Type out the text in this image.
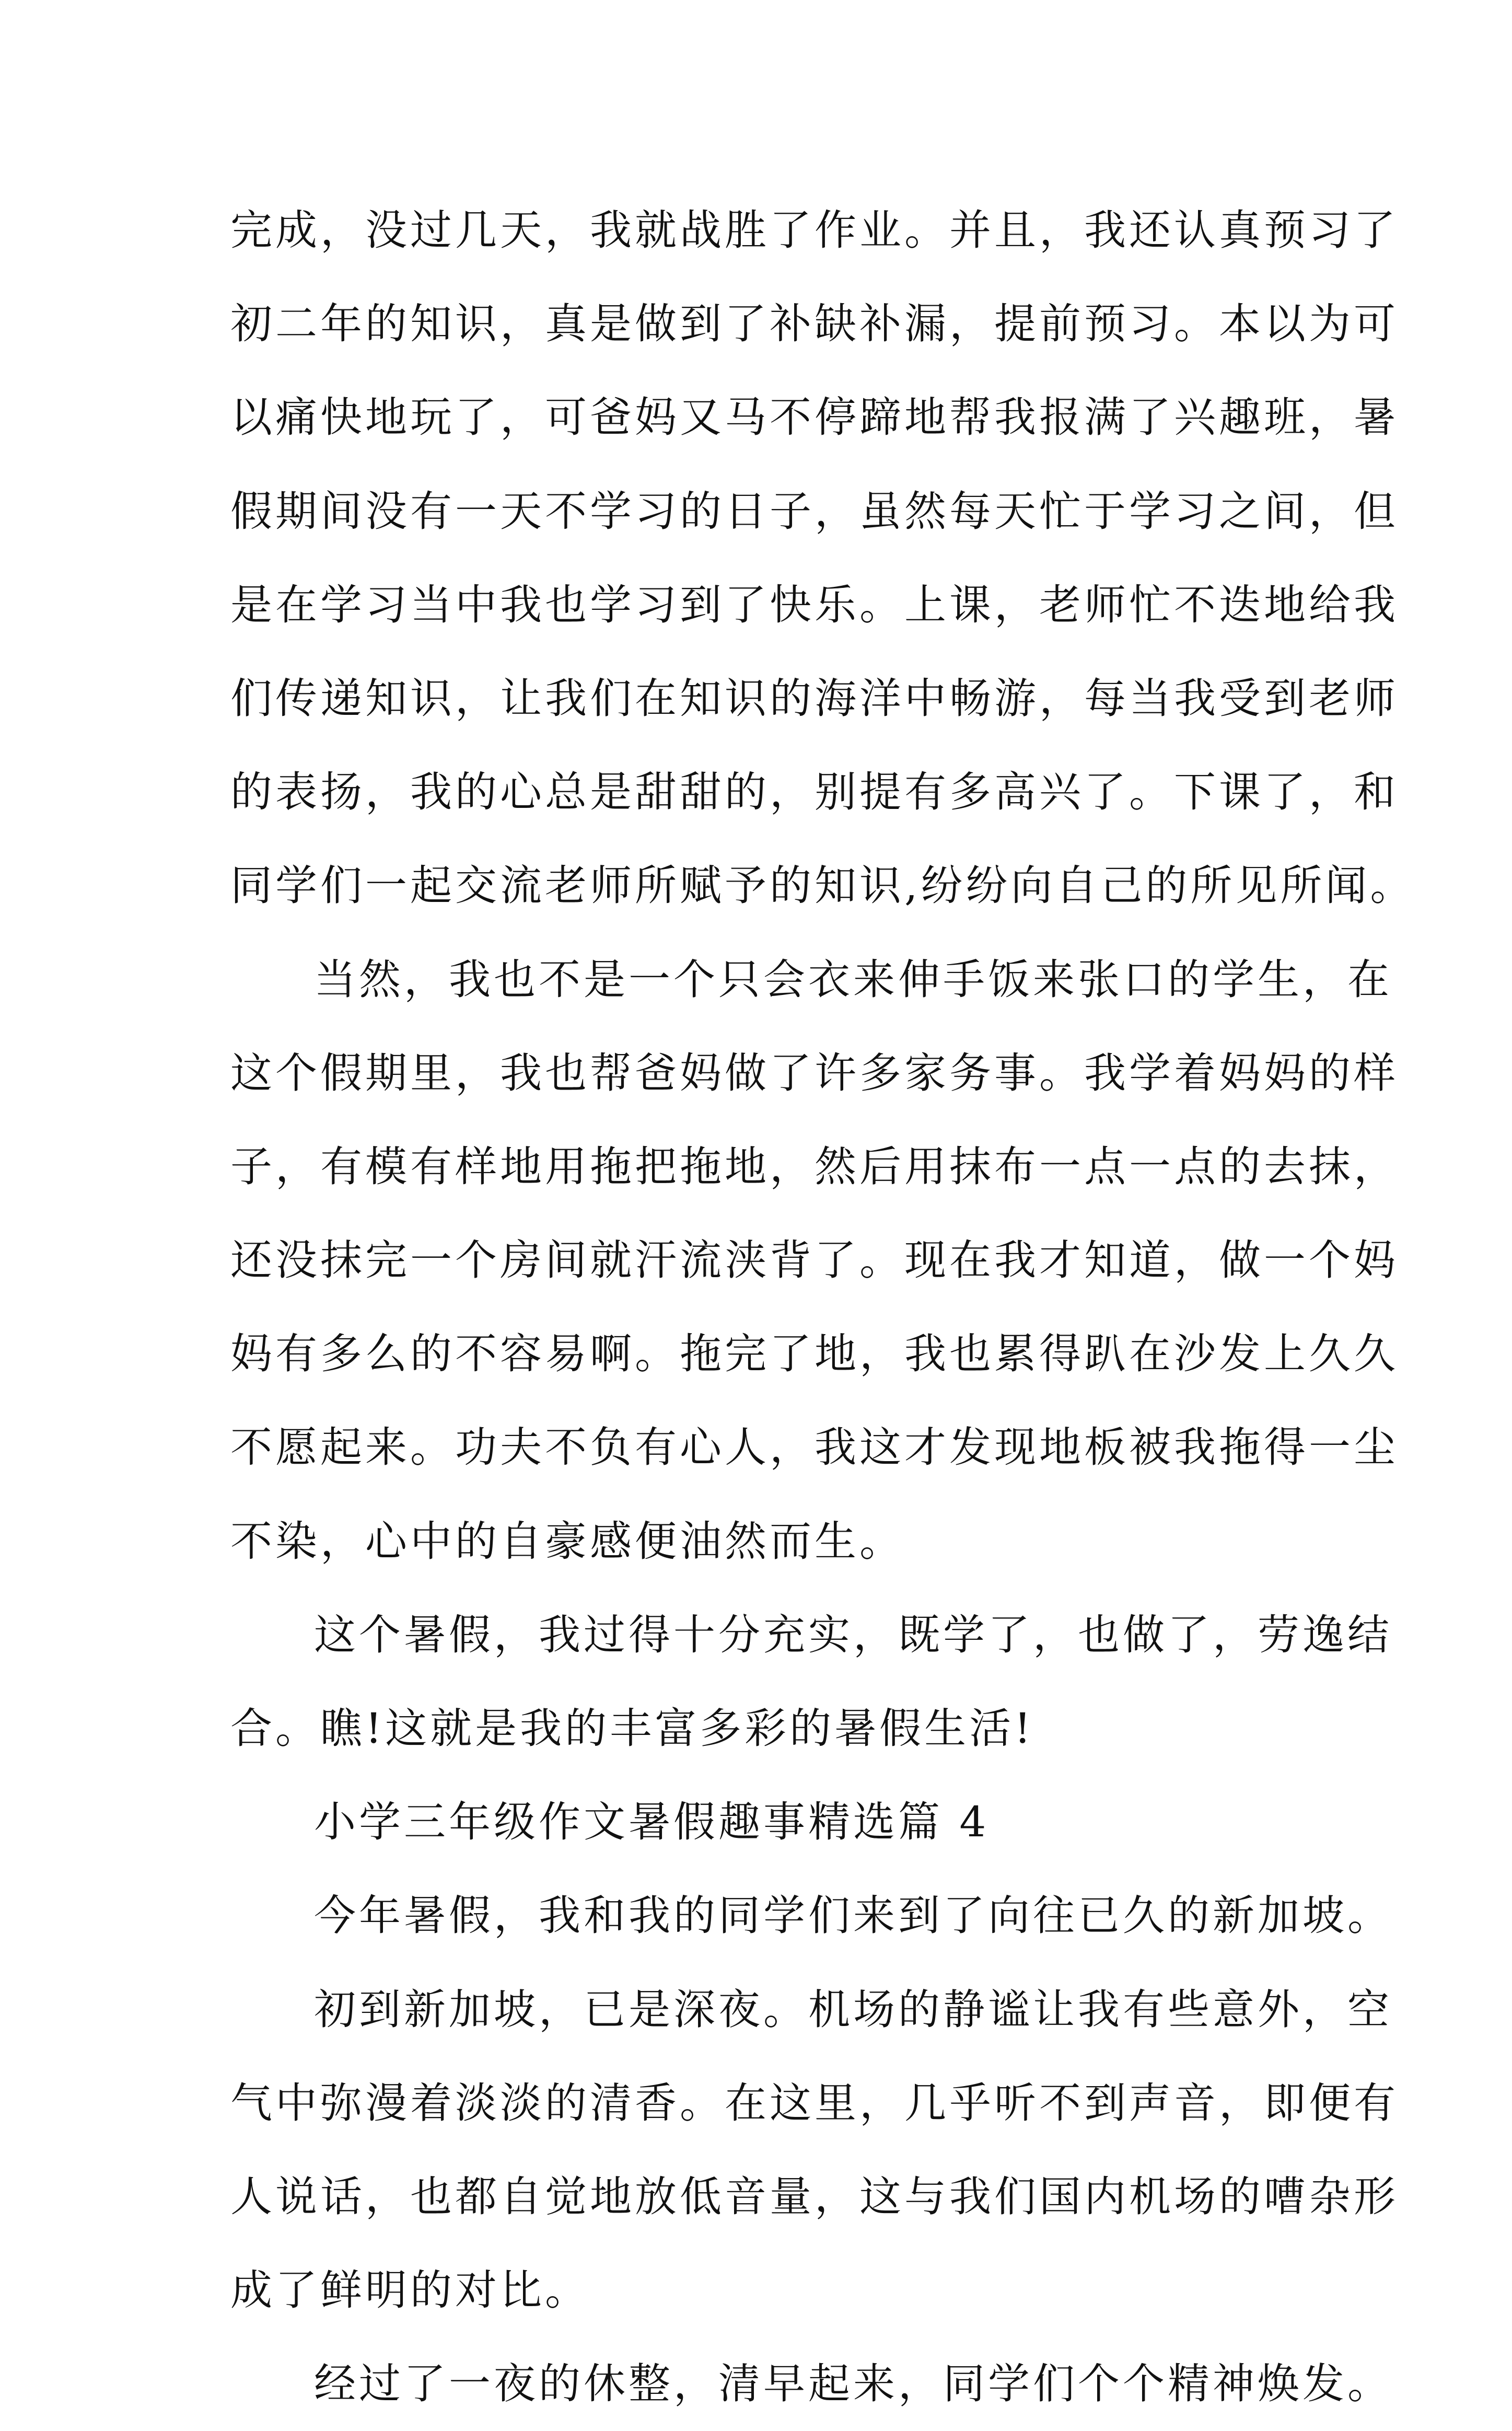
完成，没过几天，我就战胜了作业。并且，我还认真预习了
初二年的知识，真是做到了补缺补漏，提前预习。本以为可
以痛快地玩了，可爸妈又马不停蹄地帮我报满了兴趣班，暑
假期间没有一天不学习的日子，虽然每天忙于学习之间，但
是在学习当中我也学习到了快乐。上课，老师忙不迭地给我
们传递知识，让我们在知识的海洋中畅游，每当我受到老师
的表扬，我的心总是甜甜的，别提有多高兴了。下课了，和
同学们一起交流老师所赋予的知识,纷纷向自己的所见所闻。
当然，我也不是一个只会衣来伸手饭来张口的学生，在
这个假期里，我也帮爸妈做了许多家务事。我学着妈妈的样
子，有模有样地用拖把拖地，然后用抹布一点一点的去抹，
还没抹完一个房间就汗流浃背了。现在我才知道，做一个妈
妈有多么的不容易啊。拖完了地，我也累得趴在沙发上久久
不愿起来。功夫不负有心人，我这才发现地板被我拖得一尘
不染，心中的自豪感便油然而生。
这个暑假，我过得十分充实，既学了，也做了，劳逸结
合。瞧!这就是我的丰富多彩的暑假生活!
小学三年级作文暑假趣事精选篇 4
今年暑假，我和我的同学们来到了向往已久的新加坡。
初到新加坡，已是深夜。机场的静谧让我有些意外，空
气中弥漫着淡淡的清香。在这里，几乎听不到声音，即便有
人说话，也都自觉地放低音量，这与我们国内机场的嘈杂形
成了鲜明的对比。
经过了一夜的休整，清早起来，同学们个个精神焕发。
